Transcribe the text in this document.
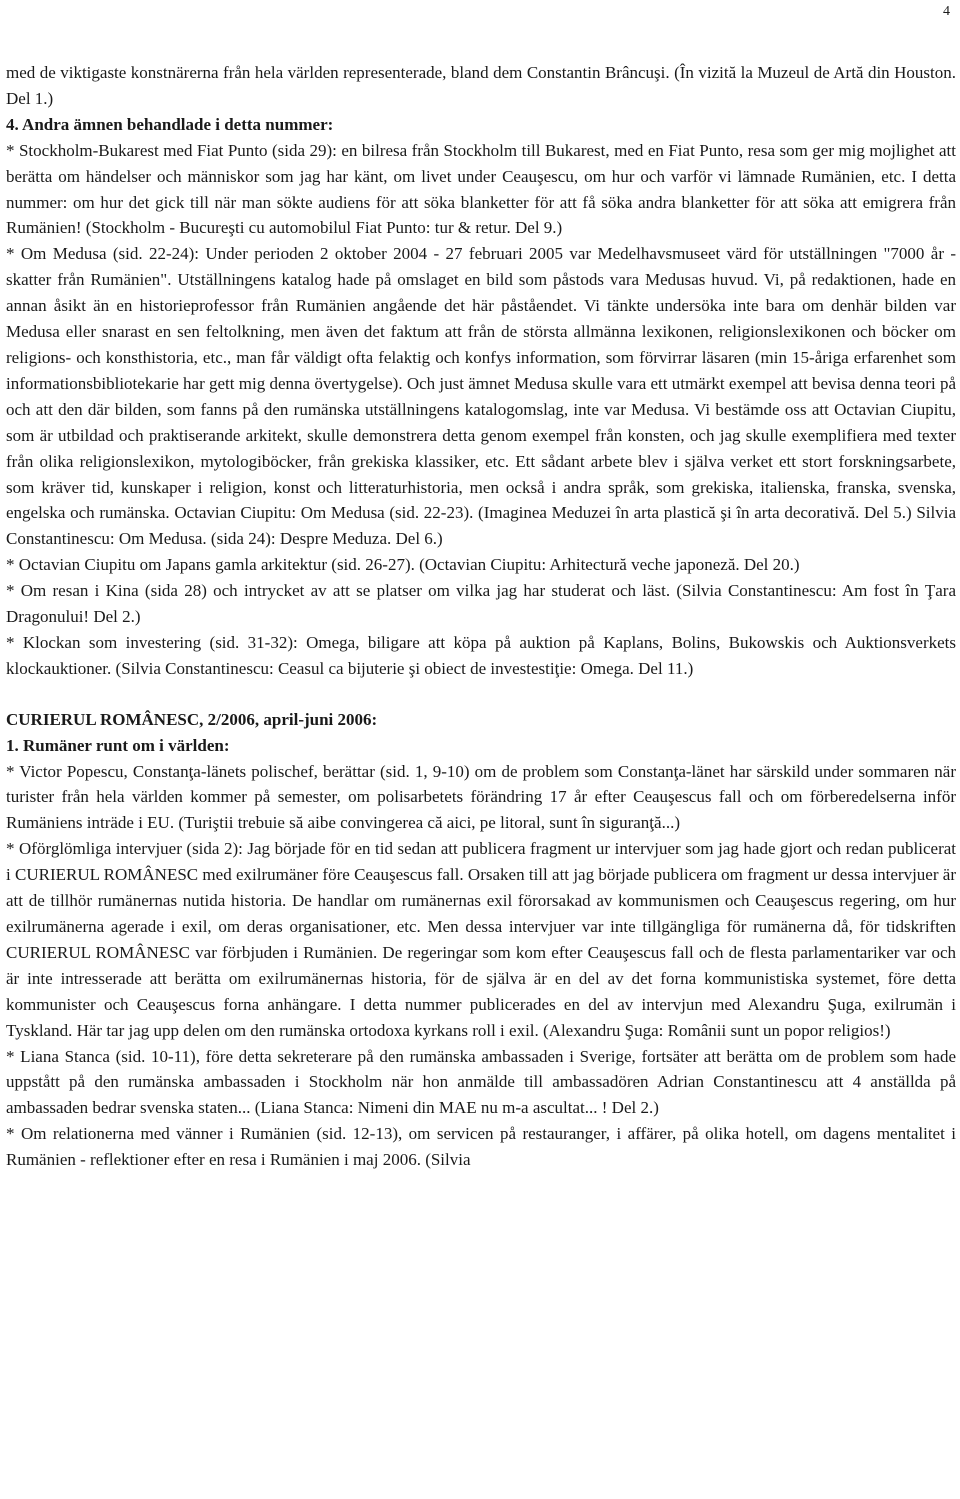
4

med de viktigaste konstnärerna från hela världen representerade, bland dem Constantin Brâncuşi. (În vizită la Muzeul de Artă din Houston. Del 1.)

4. Andra ämnen behandlade i detta nummer:

* Stockholm-Bukarest med Fiat Punto (sida 29): en bilresa från Stockholm till Bukarest, med en Fiat Punto, resa som ger mig mojlighet att berätta om händelser och människor som jag har känt, om livet under Ceauşescu, om hur och varför vi lämnade Rumänien, etc. I detta nummer: om hur det gick till när man sökte audiens för att söka blanketter för att få söka andra blanketter för att söka att emigrera från Rumänien! (Stockholm - Bucureşti cu automobilul Fiat Punto: tur & retur. Del 9.)

* Om Medusa (sid. 22-24): Under perioden 2 oktober 2004 - 27 februari 2005 var Medelhavsmuseet värd för utställningen "7000 år - skatter från Rumänien". Utställningens katalog hade på omslaget en bild som påstods vara Medusas huvud. Vi, på redaktionen, hade en annan åsikt än en historieprofessor från Rumänien angående det här påståendet. Vi tänkte undersöka inte bara om denhär bilden var Medusa eller snarast en sen feltolkning, men även det faktum att från de största allmänna lexikonen, religionslexikonen och böcker om religions- och konsthistoria, etc., man får väldigt ofta felaktig och konfys information, som förvirrar läsaren (min 15-åriga erfarenhet som informationsbibliotekarie har gett mig denna övertygelse). Och just ämnet Medusa skulle vara ett utmärkt exempel att bevisa denna teori på och att den där bilden, som fanns på den rumänska utställningens katalogomslag, inte var Medusa. Vi bestämde oss att Octavian Ciupitu, som är utbildad och praktiserande arkitekt, skulle demonstrera detta genom exempel från konsten, och jag skulle exemplifiera med texter från olika religionslexikon, mytologiböcker, från grekiska klassiker, etc. Ett sådant arbete blev i själva verket ett stort forskningsarbete, som kräver tid, kunskaper i religion, konst och litteraturhistoria, men också i andra språk, som grekiska, italienska, franska, svenska, engelska och rumänska. Octavian Ciupitu: Om Medusa (sid. 22-23). (Imaginea Meduzei în arta plastică şi în arta decorativă. Del 5.) Silvia Constantinescu: Om Medusa. (sida 24): Despre Meduza. Del 6.)

* Octavian Ciupitu om Japans gamla arkitektur (sid. 26-27). (Octavian Ciupitu: Arhitectură veche japoneză. Del 20.)

* Om resan i Kina (sida 28) och intrycket av att se platser om vilka jag har studerat och läst. (Silvia Constantinescu: Am fost în Ţara Dragonului! Del 2.)

* Klockan som investering (sid. 31-32): Omega, biligare att köpa på auktion på Kaplans, Bolins, Bukowskis och Auktionsverkets klockauktioner. (Silvia Constantinescu: Ceasul ca bijuterie şi obiect de investestiţie: Omega. Del 11.)

CURIERUL ROMÂNESC, 2/2006, april-juni 2006:

1. Rumäner runt om i världen:

* Victor Popescu, Constanţa-länets polischef, berättar (sid. 1, 9-10) om de problem som Constanţa-länet har särskild under sommaren när turister från hela världen kommer på semester, om polisarbetets förändring 17 år efter Ceauşescus fall och om förberedelserna inför Rumäniens inträde i EU. (Turiştii trebuie să aibe convingerea că aici, pe litoral, sunt în siguranţă...)

* Oförglömliga intervjuer (sida 2): Jag började för en tid sedan att publicera fragment ur intervjuer som jag hade gjort och redan publicerat i CURIERUL ROMÂNESC med exilrumäner före Ceauşescus fall. Orsaken till att jag började publicera om fragment ur dessa intervjuer är att de tillhör rumänernas nutida historia. De handlar om rumänernas exil förorsakad av kommunismen och Ceauşescus regering, om hur exilrumänerna agerade i exil, om deras organisationer, etc. Men dessa intervjuer var inte tillgängliga för rumänerna då, för tidskriften CURIERUL ROMÂNESC var förbjuden i Rumänien. De regeringar som kom efter Ceauşescus fall och de flesta parlamentariker var och är inte intresserade att berätta om exilrumänernas historia, för de själva är en del av det forna kommunistiska systemet, före detta kommunister och Ceauşescus forna anhängare. I detta nummer publicerades en del av intervjun med Alexandru Şuga, exilrumän i Tyskland. Här tar jag upp delen om den rumänska ortodoxa kyrkans roll i exil. (Alexandru Şuga: Românii sunt un popor religios!)

* Liana Stanca (sid. 10-11), före detta sekreterare på den rumänska ambassaden i Sverige, fortsäter att berätta om de problem som hade uppstått på den rumänska ambassaden i Stockholm när hon anmälde till ambassadören Adrian Constantinescu att 4 anställda på ambassaden bedrar svenska staten... (Liana Stanca: Nimeni din MAE nu m-a ascultat... ! Del 2.)

* Om relationerna med vänner i Rumänien (sid. 12-13), om servicen på restauranger, i affärer, på olika hotell, om dagens mentalitet i Rumänien - reflektioner efter en resa i Rumänien i maj 2006. (Silvia
